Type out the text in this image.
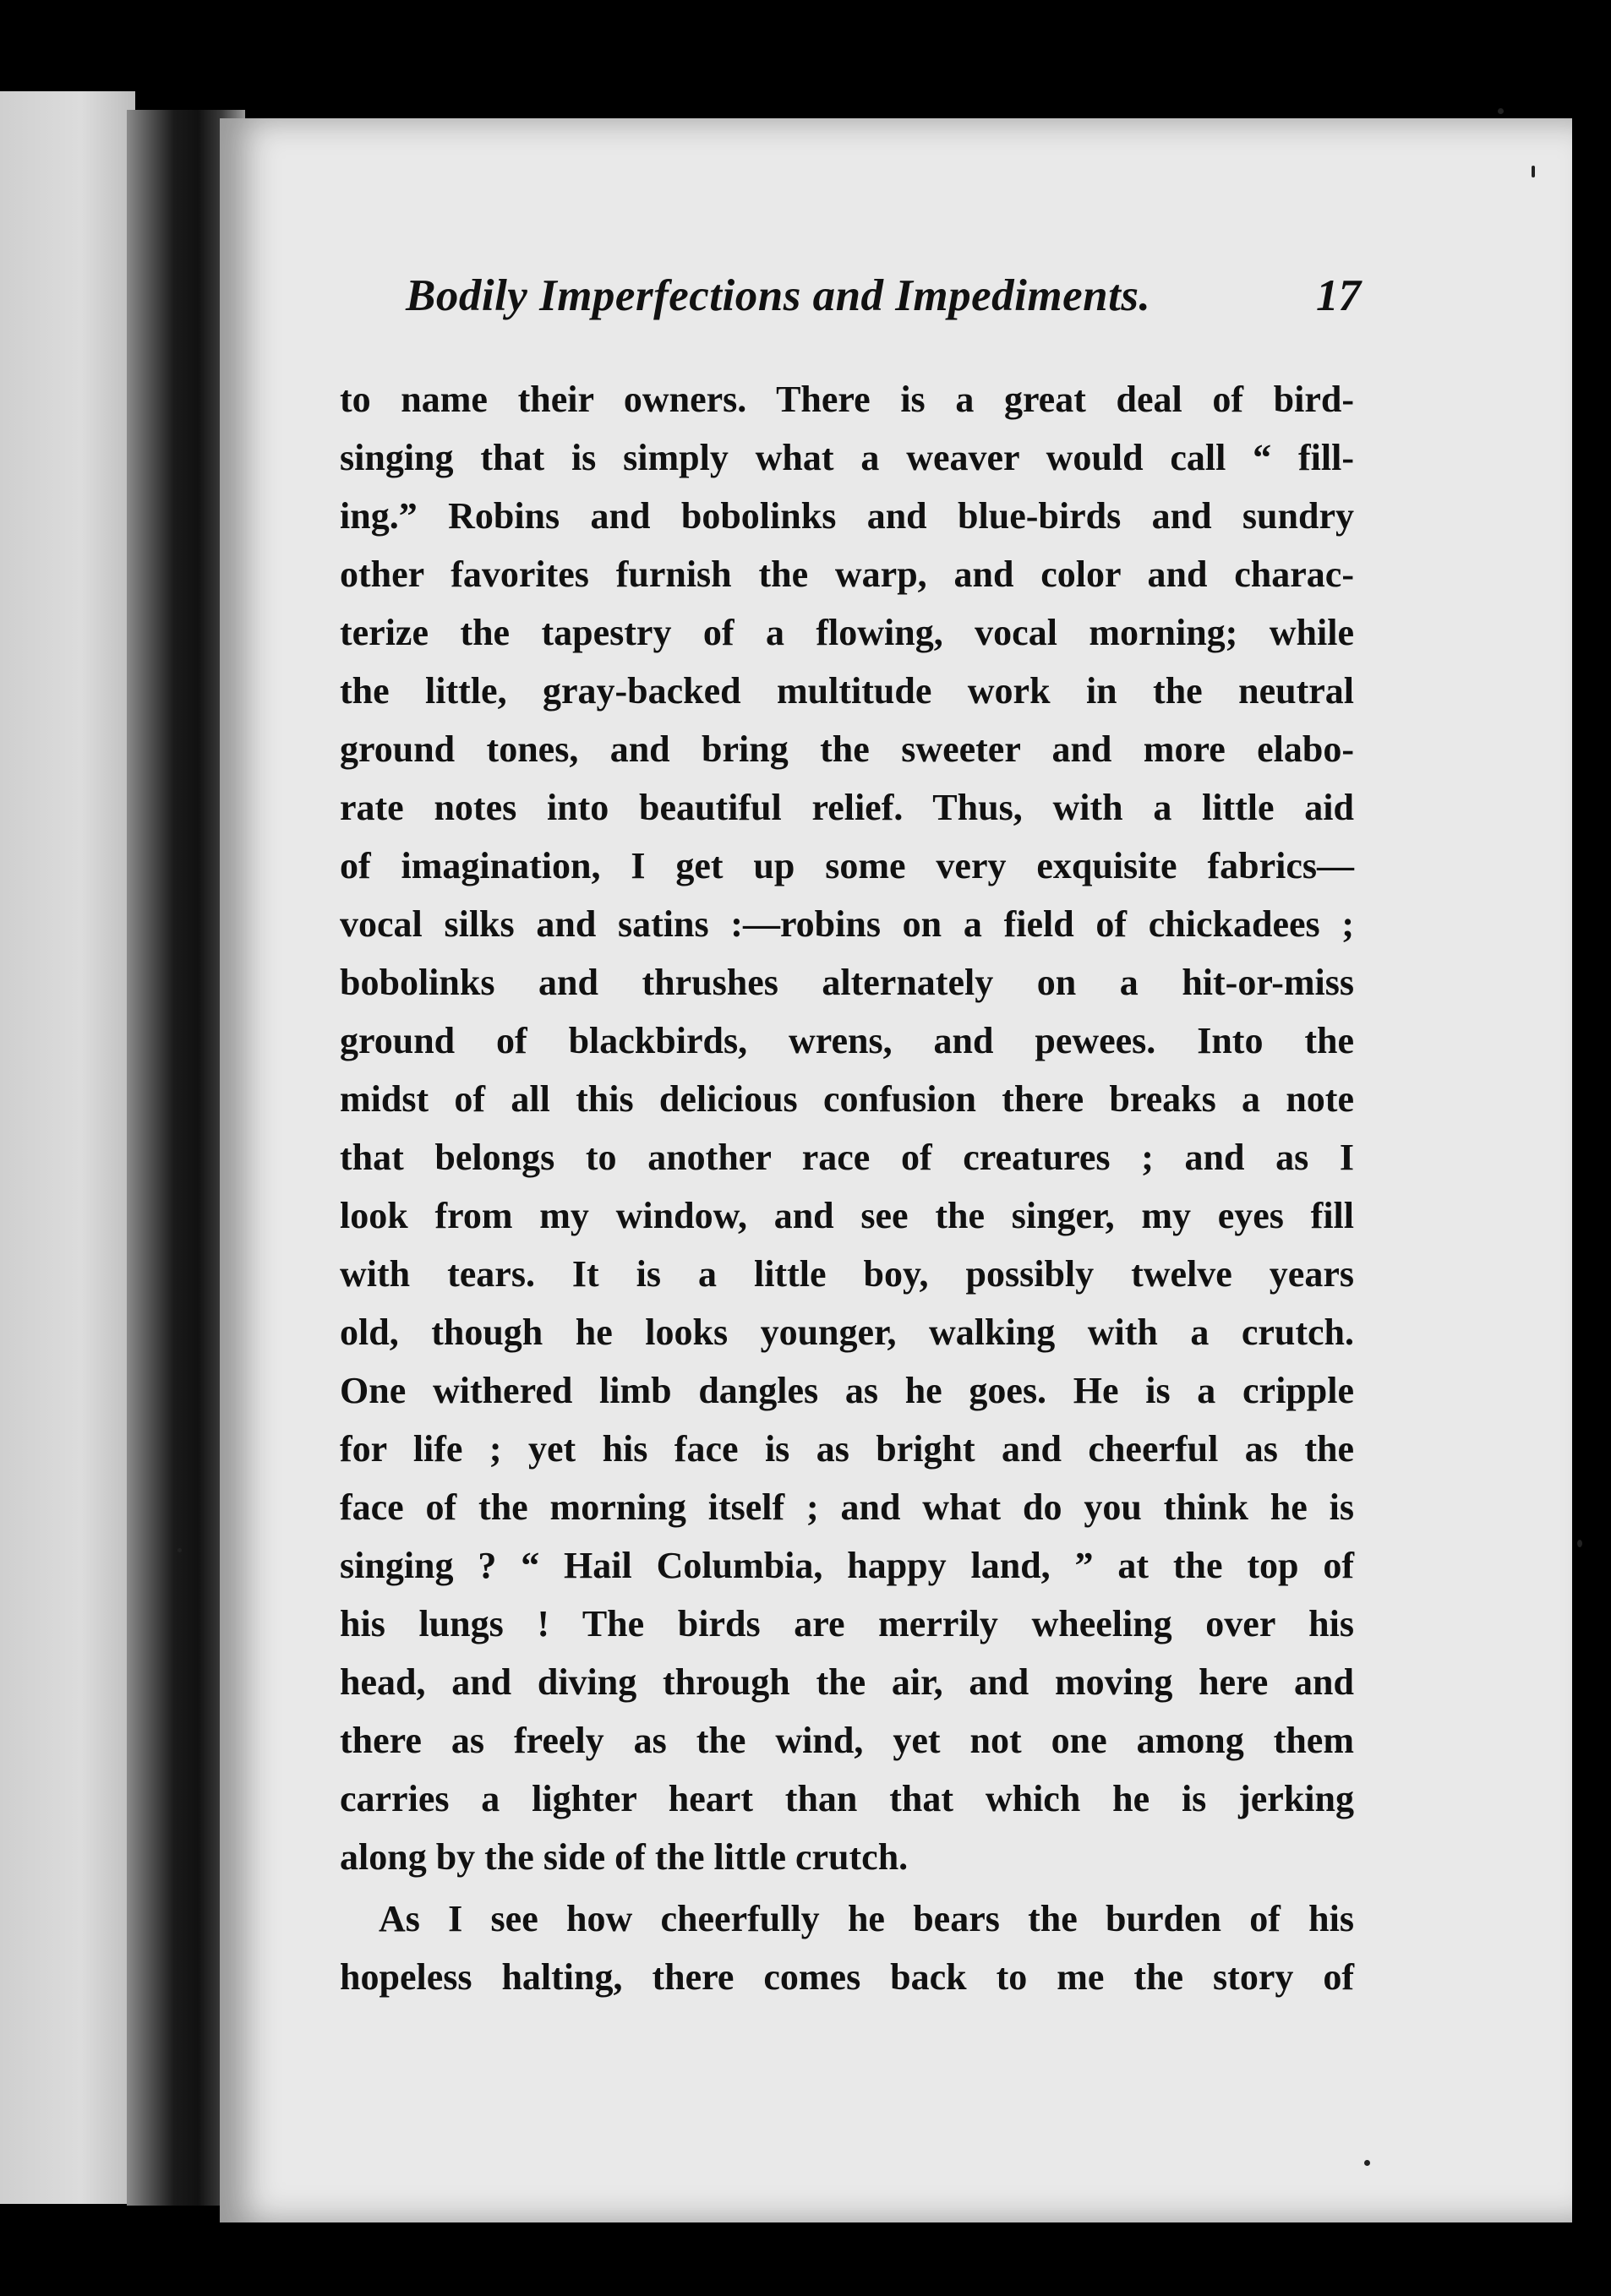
Bodily Imperfections and Impediments.	17
to name their owners. There is a great deal of bird-
singing that is simply what a weaver would call “ fill-
ing.” Robins and bobolinks and blue-birds and sundry
other favorites furnish the warp, and color and charac-
terize the tapestry of a flowing, vocal morning; while
the little, gray-backed multitude work in the neutral
ground tones, and bring the sweeter and more elabo-
rate notes into beautiful relief. Thus, with a little aid
of imagination, I get up some very exquisite fabrics—
vocal silks and satins :—robins on a field of chickadees ;
bobolinks and thrushes alternately on a hit-or-miss
ground of blackbirds, wrens, and pewees. Into the
midst of all this delicious confusion there breaks a note
that belongs to another race of creatures ; and as I
look from my window, and see the singer, my eyes fill
with tears. It is a little boy, possibly twelve years
old, though he looks younger, walking with a crutch.
One withered limb dangles as he goes. He is a cripple
for life ; yet his face is as bright and cheerful as the
face of the morning itself ; and what do you think he is
singing ? “ Hail Columbia, happy land, ” at the top of
his lungs ! The birds are merrily wheeling over his
head, and diving through the air, and moving here and
there as freely as the wind, yet not one among them
carries a lighter heart than that which he is jerking
along by the side of the little crutch.
As I see how cheerfully he bears the burden of his
hopeless halting, there comes back to me the story of
